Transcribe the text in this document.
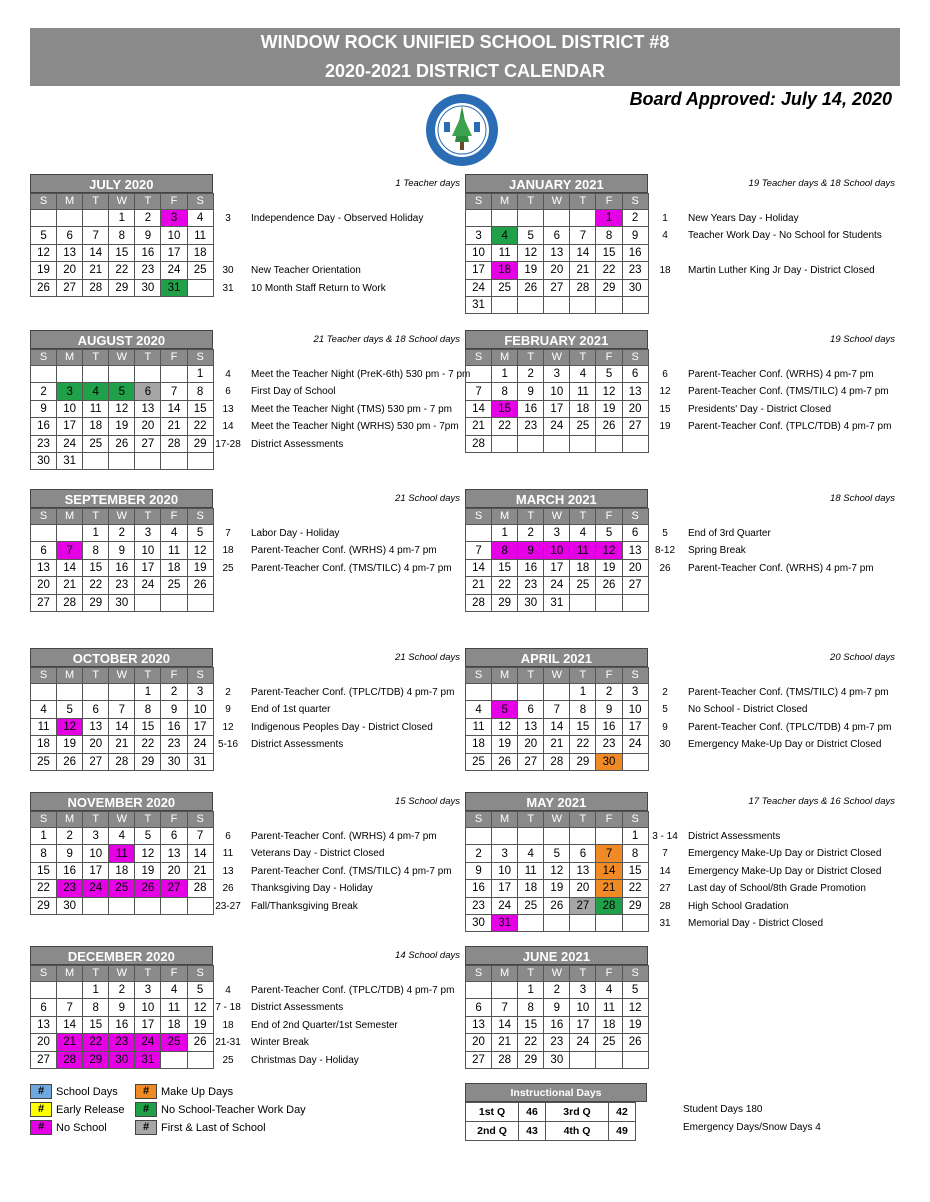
WINDOW ROCK UNIFIED SCHOOL DISTRICT #8
2020-2021 DISTRICT CALENDAR
Board Approved: July 14, 2020
JULY 2020
S	M	T	W	T	F	S
			1	2	3	4
5	6	7	8	9	10	11
12	13	14	15	16	17	18
19	20	21	22	23	24	25
26	27	28	29	30	31	
1 Teacher days
3 Independence Day - Observed Holiday
30 New Teacher Orientation
31 10 Month Staff Return to Work
JANUARY 2021
S	M	T	W	T	F	S
					1	2
3	4	5	6	7	8	9
10	11	12	13	14	15	16
17	18	19	20	21	22	23
24	25	26	27	28	29	30
31						
19 Teacher days & 18 School days
1 New Years Day - Holiday
4 Teacher Work Day - No School for Students
18 Martin Luther King Jr Day - District Closed
AUGUST 2020
S	M	T	W	T	F	S
						1
2	3	4	5	6	7	8
9	10	11	12	13	14	15
16	17	18	19	20	21	22
23	24	25	26	27	28	29
30	31					
21 Teacher days & 18 School days
4 Meet the Teacher Night (PreK-6th) 530 pm - 7 pm
6 First Day of School
13 Meet the Teacher Night (TMS) 530 pm - 7 pm
14 Meet the Teacher Night (WRHS) 530 pm - 7pm
17-28 District Assessments
FEBRUARY 2021
S	M	T	W	T	F	S
	1	2	3	4	5	6
7	8	9	10	11	12	13
14	15	16	17	18	19	20
21	22	23	24	25	26	27
28						
19 School days
6 Parent-Teacher Conf. (WRHS) 4 pm-7 pm
12 Parent-Teacher Conf. (TMS/TILC) 4 pm-7 pm
15 Presidents' Day - District Closed
19 Parent-Teacher Conf. (TPLC/TDB) 4 pm-7 pm
SEPTEMBER 2020
S	M	T	W	T	F	S
		1	2	3	4	5
6	7	8	9	10	11	12
13	14	15	16	17	18	19
20	21	22	23	24	25	26
27	28	29	30			
21 School days
7 Labor Day - Holiday
18 Parent-Teacher Conf. (WRHS) 4 pm-7 pm
25 Parent-Teacher Conf. (TMS/TILC) 4 pm-7 pm
MARCH 2021
S	M	T	W	T	F	S
	1	2	3	4	5	6
7	8	9	10	11	12	13
14	15	16	17	18	19	20
21	22	23	24	25	26	27
28	29	30	31			
18 School days
5 End of 3rd Quarter
8-12 Spring Break
26 Parent-Teacher Conf. (WRHS) 4 pm-7 pm
OCTOBER 2020
S	M	T	W	T	F	S
				1	2	3
4	5	6	7	8	9	10
11	12	13	14	15	16	17
18	19	20	21	22	23	24
25	26	27	28	29	30	31
21 School days
2 Parent-Teacher Conf. (TPLC/TDB) 4 pm-7 pm
9 End of 1st quarter
12 Indigenous Peoples Day - District Closed
5-16 District Assessments
APRIL 2021
S	M	T	W	T	F	S
				1	2	3
4	5	6	7	8	9	10
11	12	13	14	15	16	17
18	19	20	21	22	23	24
25	26	27	28	29	30	
20 School days
2 Parent-Teacher Conf. (TMS/TILC) 4 pm-7 pm
5 No School - District Closed
9 Parent-Teacher Conf. (TPLC/TDB) 4 pm-7 pm
30 Emergency Make-Up Day or District Closed
NOVEMBER 2020
S	M	T	W	T	F	S
1	2	3	4	5	6	7
8	9	10	11	12	13	14
15	16	17	18	19	20	21
22	23	24	25	26	27	28
29	30					
15 School days
6 Parent-Teacher Conf. (WRHS) 4 pm-7 pm
11 Veterans Day - District Closed
13 Parent-Teacher Conf. (TMS/TILC) 4 pm-7 pm
26 Thanksgiving Day - Holiday
23-27 Fall/Thanksgiving Break
MAY 2021
S	M	T	W	T	F	S
						1
2	3	4	5	6	7	8
9	10	11	12	13	14	15
16	17	18	19	20	21	22
23	24	25	26	27	28	29
30	31					
17 Teacher days & 16 School days
3 - 14 District Assessments
7 Emergency Make-Up Day or District Closed
14 Emergency Make-Up Day or District Closed
27 Last day of School/8th Grade Promotion
28 High School Gradation
31 Memorial Day - District Closed
DECEMBER 2020
S	M	T	W	T	F	S
		1	2	3	4	5
6	7	8	9	10	11	12
13	14	15	16	17	18	19
20	21	22	23	24	25	26
27	28	29	30	31		
14 School days
4 Parent-Teacher Conf. (TPLC/TDB) 4 pm-7 pm
7 - 18 District Assessments
18 End of 2nd Quarter/1st Semester
21-31 Winter Break
25 Christmas Day - Holiday
JUNE 2021
S	M	T	W	T	F	S
		1	2	3	4	5
6	7	8	9	10	11	12
13	14	15	16	17	18	19
20	21	22	23	24	25	26
27	28	29	30			
# School Days
# Early Release
# No School
# Make Up Days
# No School-Teacher Work Day
# First & Last of School
Instructional Days
1st Q	46	3rd Q	42
2nd Q	43	4th Q	49
Student Days 180
Emergency Days/Snow Days 4
